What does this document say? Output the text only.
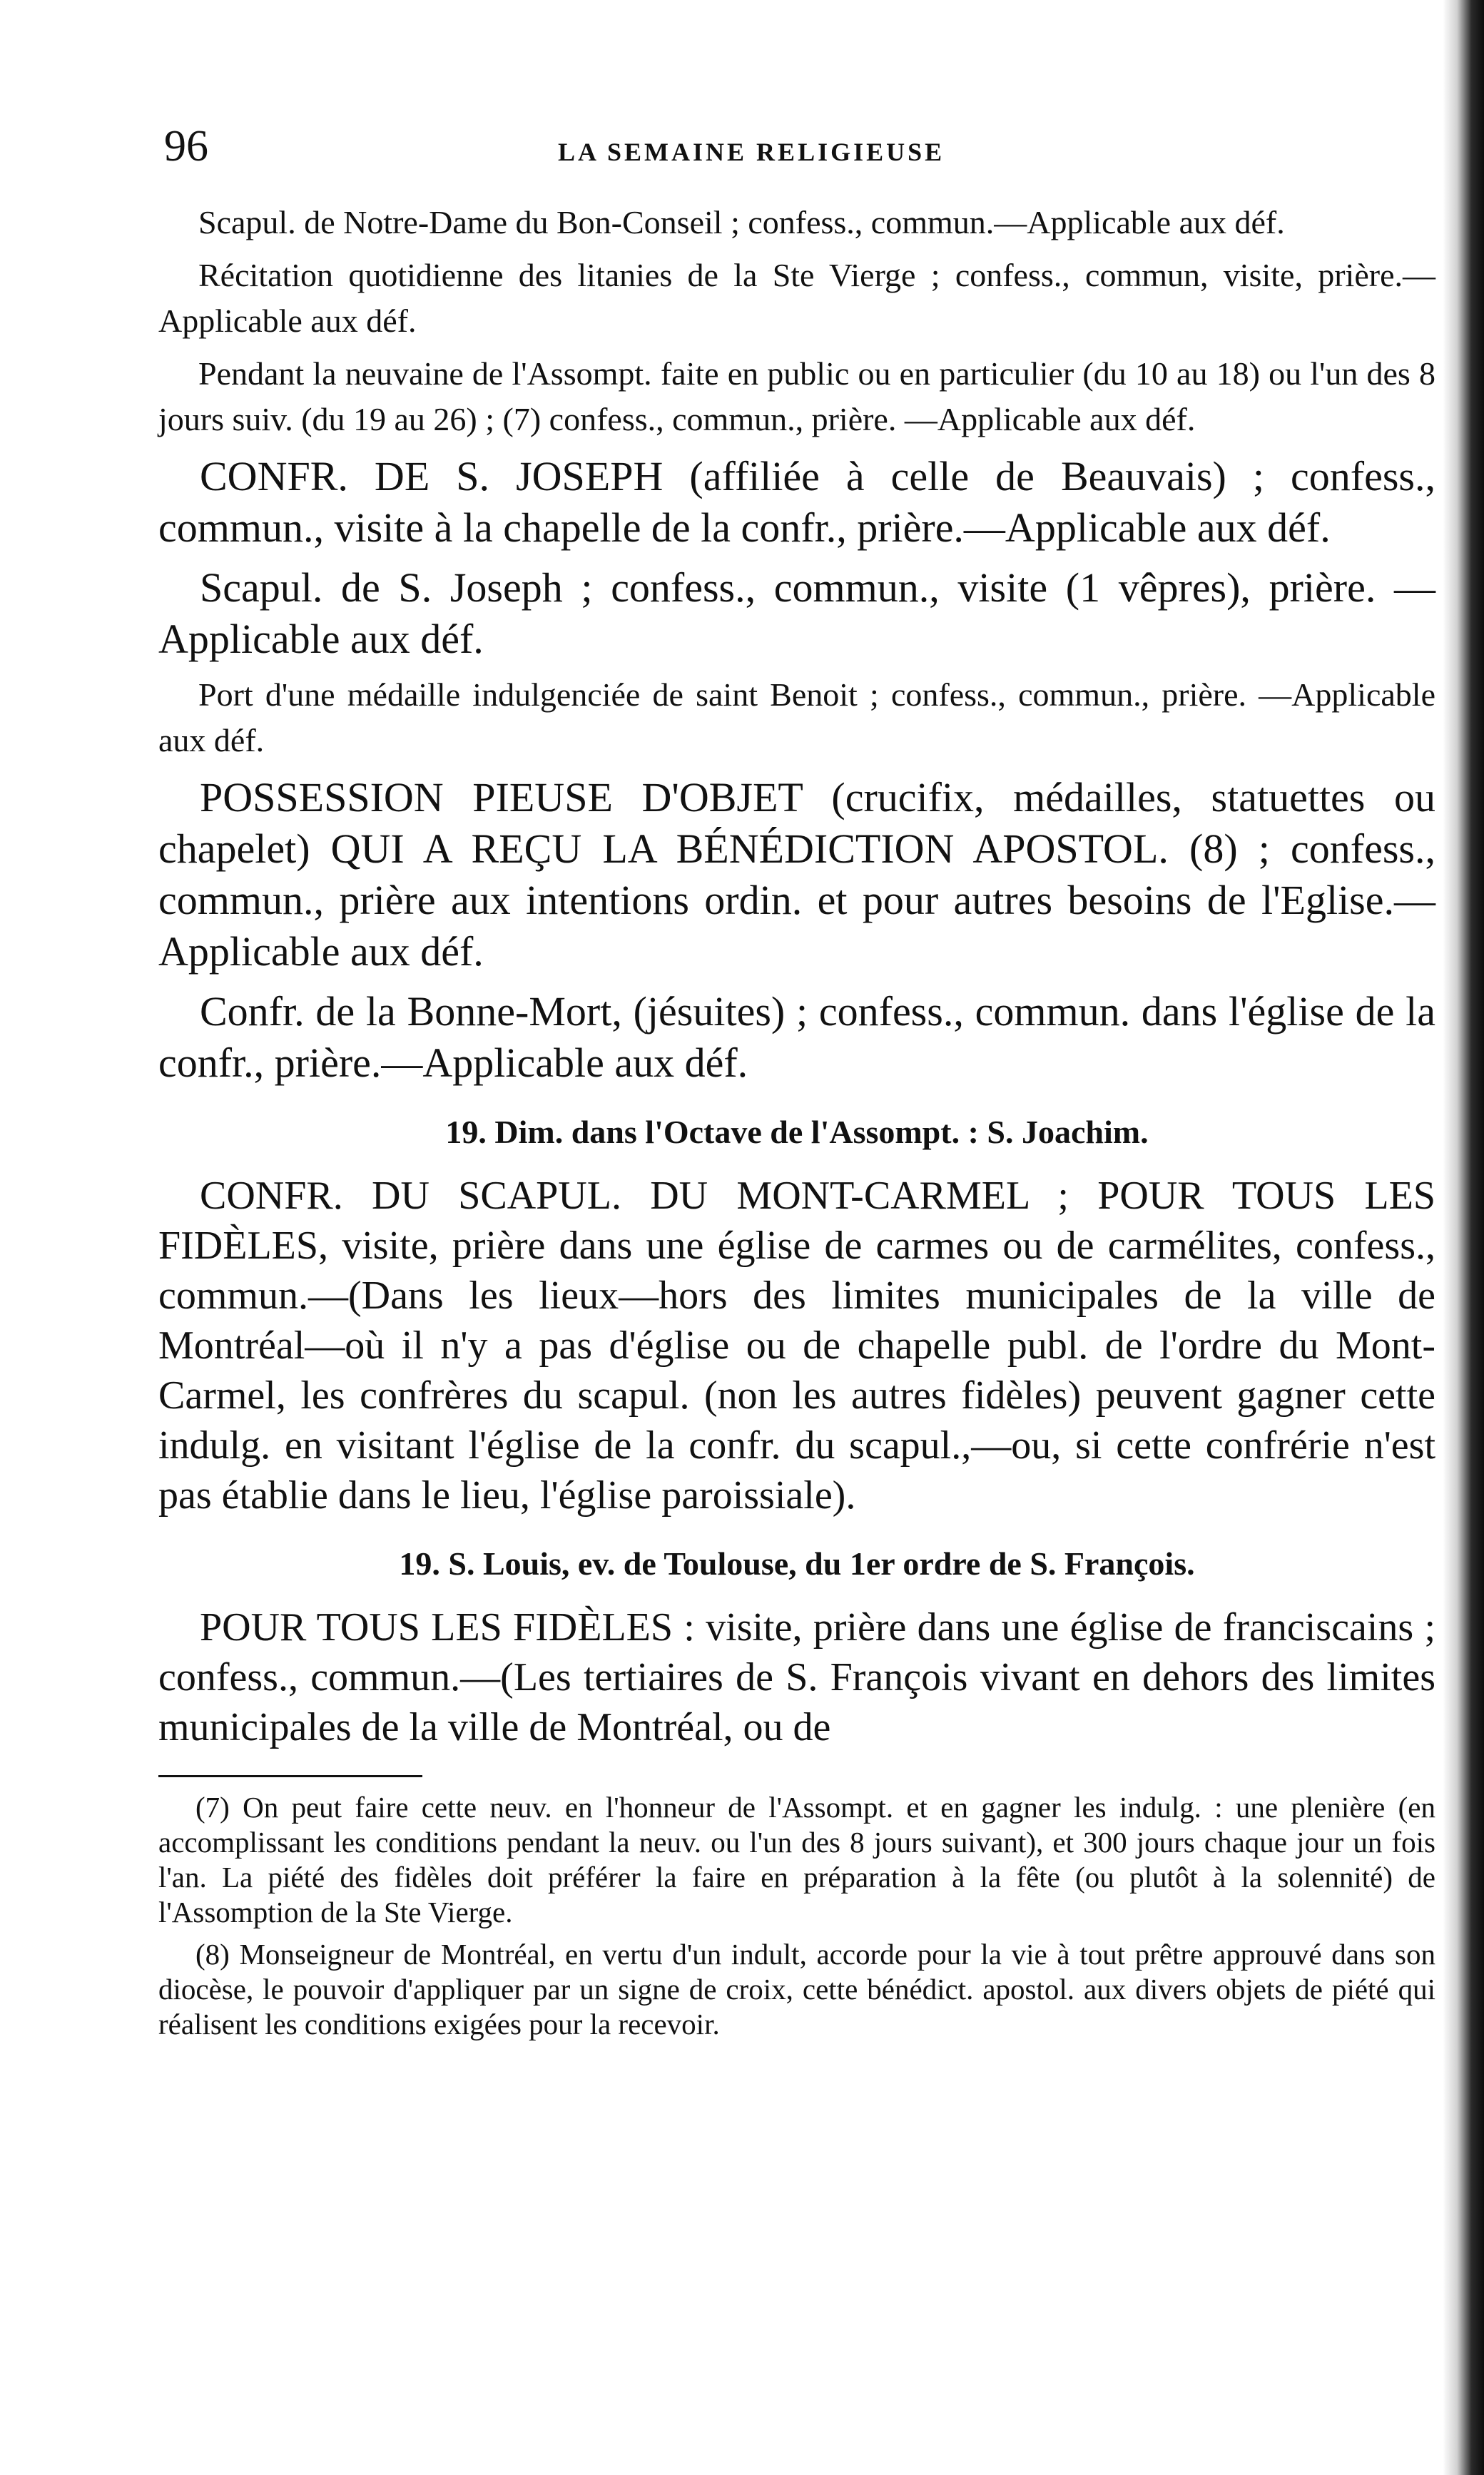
96	LA SEMAINE RELIGIEUSE

Scapul. de Notre-Dame du Bon-Conseil ; confess., commun.—Applicable aux déf.

Récitation quotidienne des litanies de la Ste Vierge ; confess., commun, visite, prière.—Applicable aux déf.

Pendant la neuvaine de l'Assompt. faite en public ou en particulier (du 10 au 18) ou l'un des 8 jours suiv. (du 19 au 26) ; (7) confess., commun., prière. —Applicable aux déf.

CONFR. DE S. JOSEPH (affiliée à celle de Beauvais) ; confess., commun., visite à la chapelle de la confr., prière.—Applicable aux déf.

Scapul. de S. Joseph ; confess., commun., visite (1 vêpres), prière. —Applicable aux déf.

Port d'une médaille indulgenciée de saint Benoit ; confess., commun., prière. —Applicable aux déf.

POSSESSION PIEUSE D'OBJET (crucifix, médailles, statuettes ou chapelet) QUI A REÇU LA BÉNÉDICTION APOSTOL. (8) ; confess., commun., prière aux intentions ordin. et pour autres besoins de l'Eglise.— Applicable aux déf.

Confr. de la Bonne-Mort, (jésuites) ; confess., commun. dans l'église de la confr., prière.—Applicable aux déf.

19. Dim. dans l'Octave de l'Assompt. : S. Joachim.

CONFR. DU SCAPUL. DU MONT-CARMEL ; POUR TOUS LES FIDÈLES, visite, prière dans une église de carmes ou de carmélites, confess., commun.—(Dans les lieux—hors des limites municipales de la ville de Montréal—où il n'y a pas d'église ou de chapelle publ. de l'ordre du Mont-Carmel, les confrères du scapul. (non les autres fidèles) peuvent gagner cette indulg. en visitant l'église de la confr. du scapul.,—ou, si cette confrérie n'est pas établie dans le lieu, l'église paroissiale).

19. S. Louis, ev. de Toulouse, du 1er ordre de S. François.

POUR TOUS LES FIDÈLES : visite, prière dans une église de franciscains ; confess., commun.—(Les tertiaires de S. François vivant en dehors des limites municipales de la ville de Montréal, ou de

(7) On peut faire cette neuv. en l'honneur de l'Assompt. et en gagner les indulg. : une plenière (en accomplissant les conditions pendant la neuv. ou l'un des 8 jours suivant), et 300 jours chaque jour un fois l'an. La piété des fidèles doit préférer la faire en préparation à la fête (ou plutôt à la solennité) de l'Assomption de la Ste Vierge.

(8) Monseigneur de Montréal, en vertu d'un indult, accorde pour la vie à tout prêtre approuvé dans son diocèse, le pouvoir d'appliquer par un signe de croix, cette bénédict. apostol. aux divers objets de piété qui réalisent les conditions exigées pour la recevoir.
